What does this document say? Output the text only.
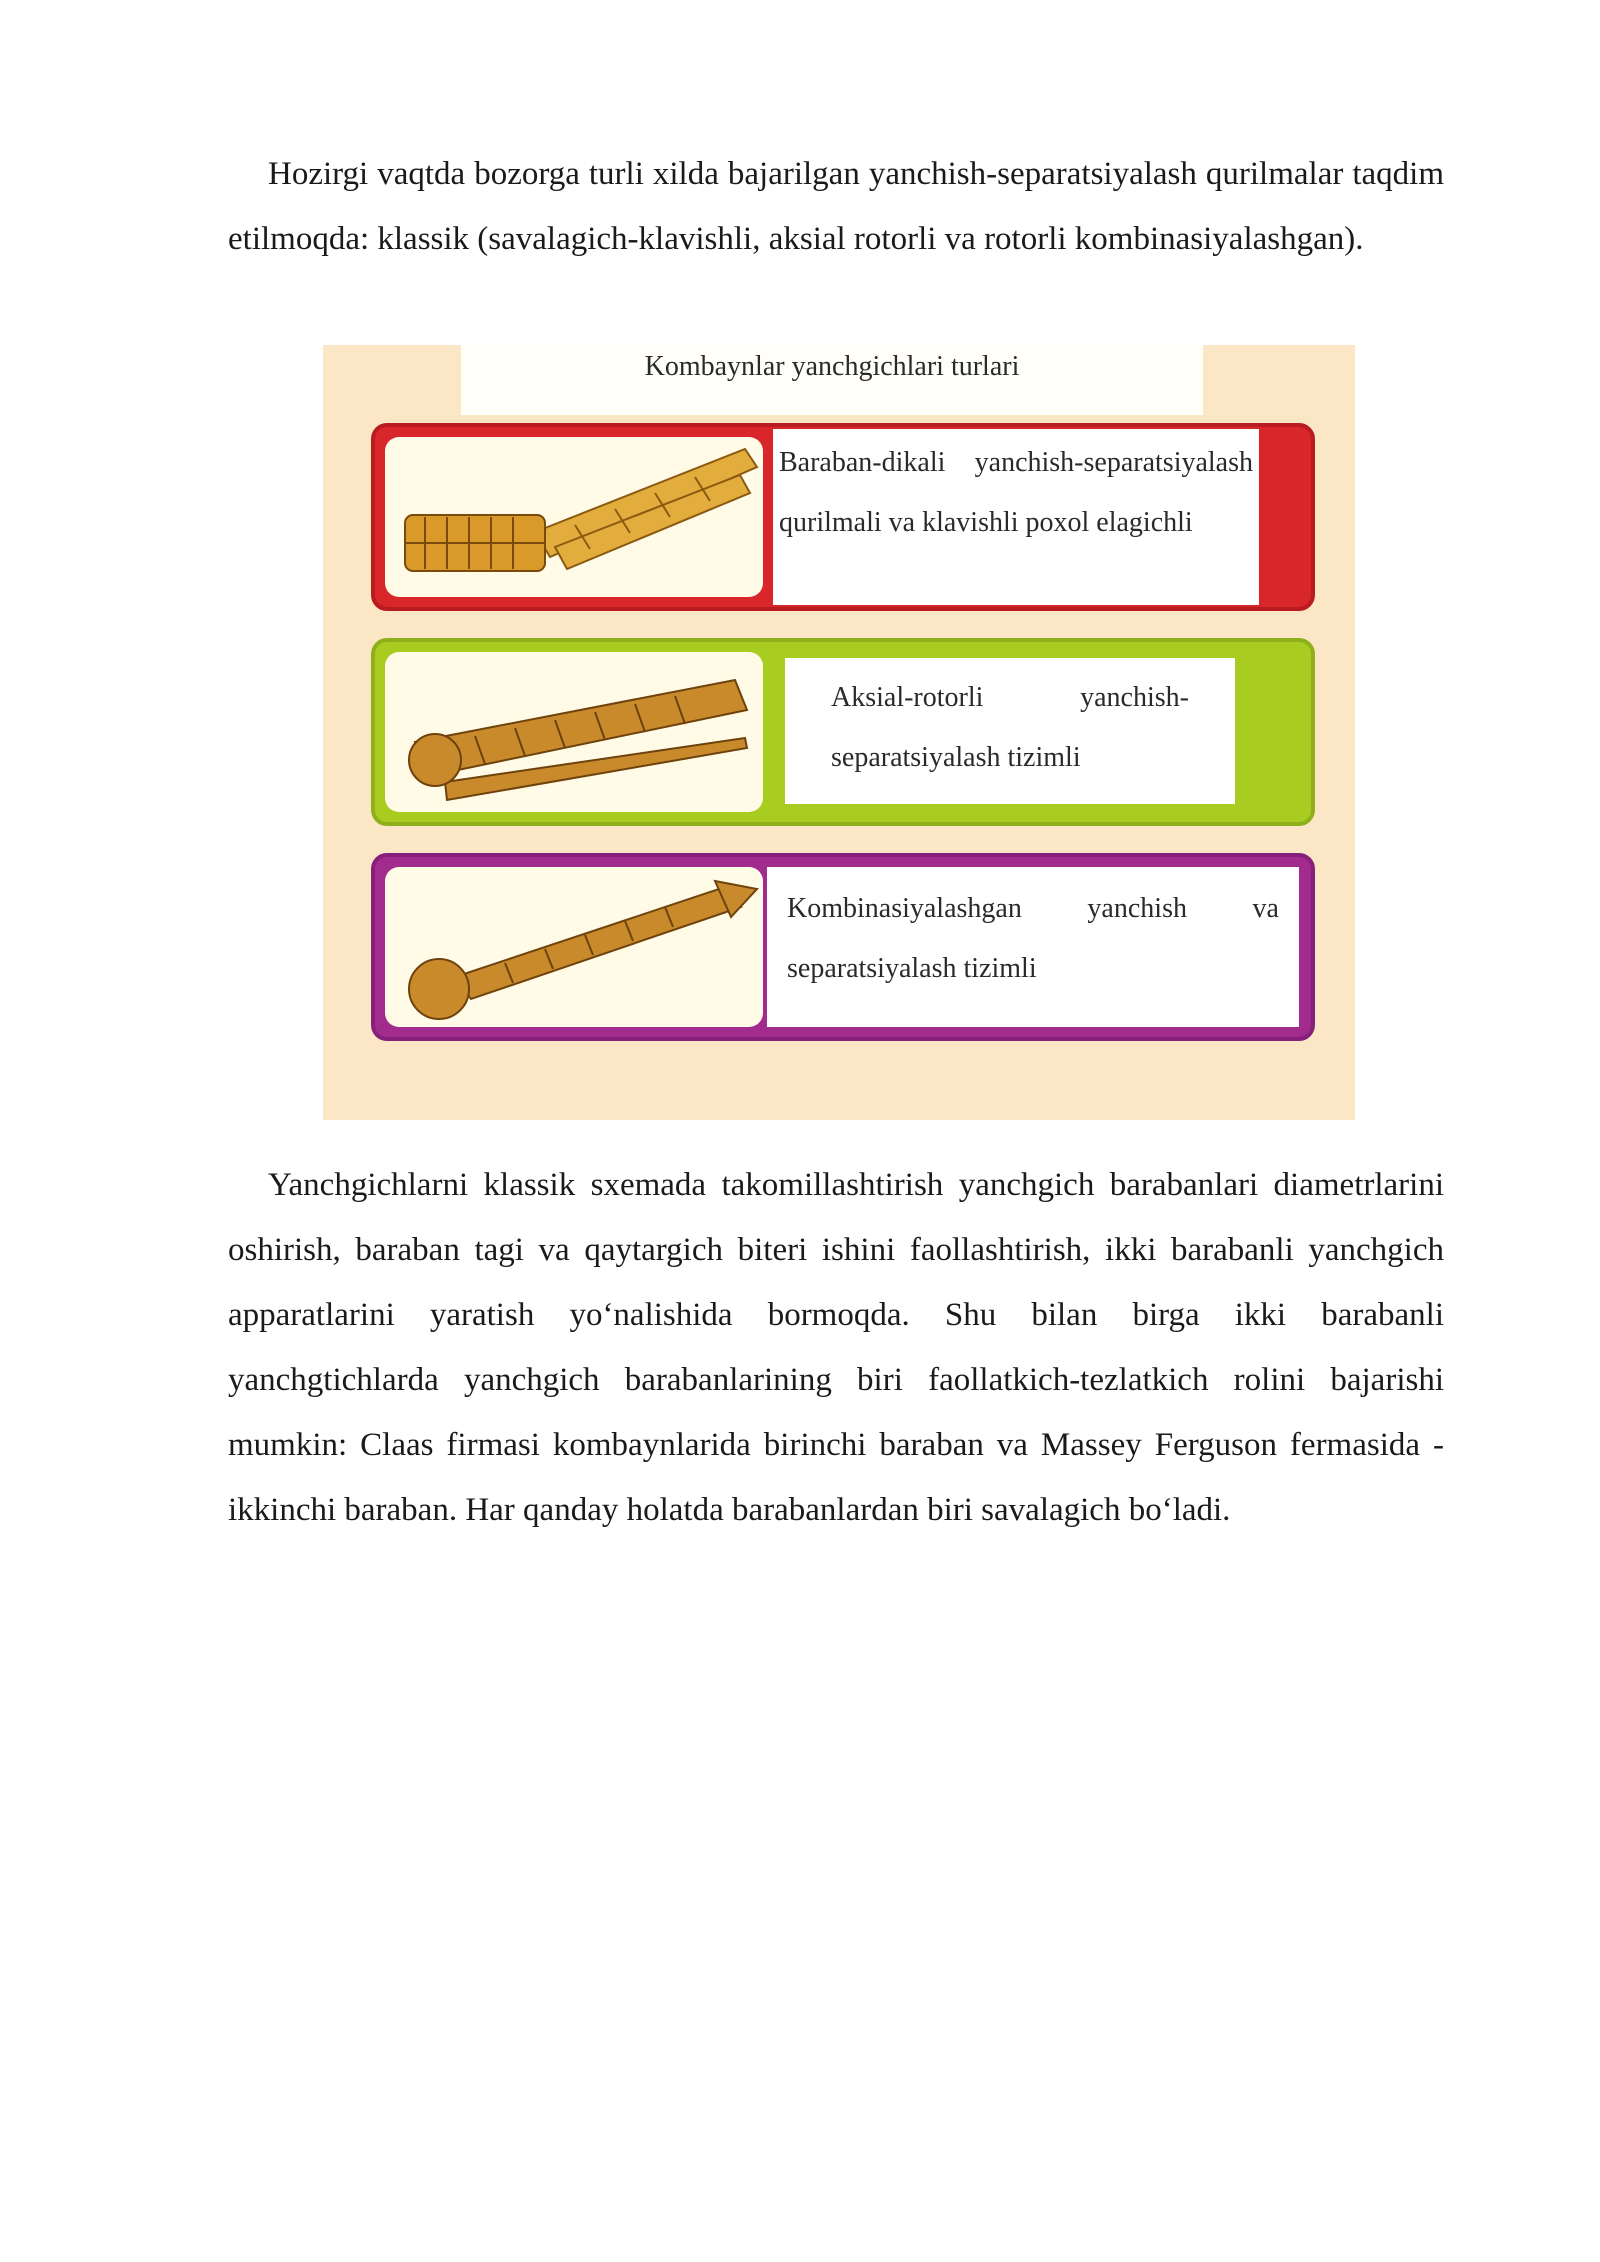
Hozirgi vaqtda bozorga turli xilda bajarilgan yanchish-separatsiyalash qurilmalar taqdim etilmoqda: klassik (savalagich-klavishli, aksial rotorli va rotorli kombinasiyalashgan).

Kombaynlar yanchgichlari turlari
Baraban-dikali yanchish-separatsiyalash qurilmali va klavishli poxol elagichli
Aksial-rotorli yanchish-separatsiyalash tizimli
Kombinasiyalashgan yanchish va separatsiyalash tizimli

Yanchgichlarni klassik sxemada takomillashtirish yanchgich barabanlari diametrlarini oshirish, baraban tagi va qaytargich biteri ishini faollashtirish, ikki barabanli yanchgich apparatlarini yaratish yo‘nalishida bormoqda. Shu bilan birga ikki barabanli yanchgtichlarda yanchgich barabanlarining biri faollatkich-tezlatkich rolini bajarishi mumkin: Claas firmasi kombaynlarida birinchi baraban va Massey Ferguson fermasida - ikkinchi baraban. Har qanday holatda barabanlardan biri savalagich bo‘ladi.
